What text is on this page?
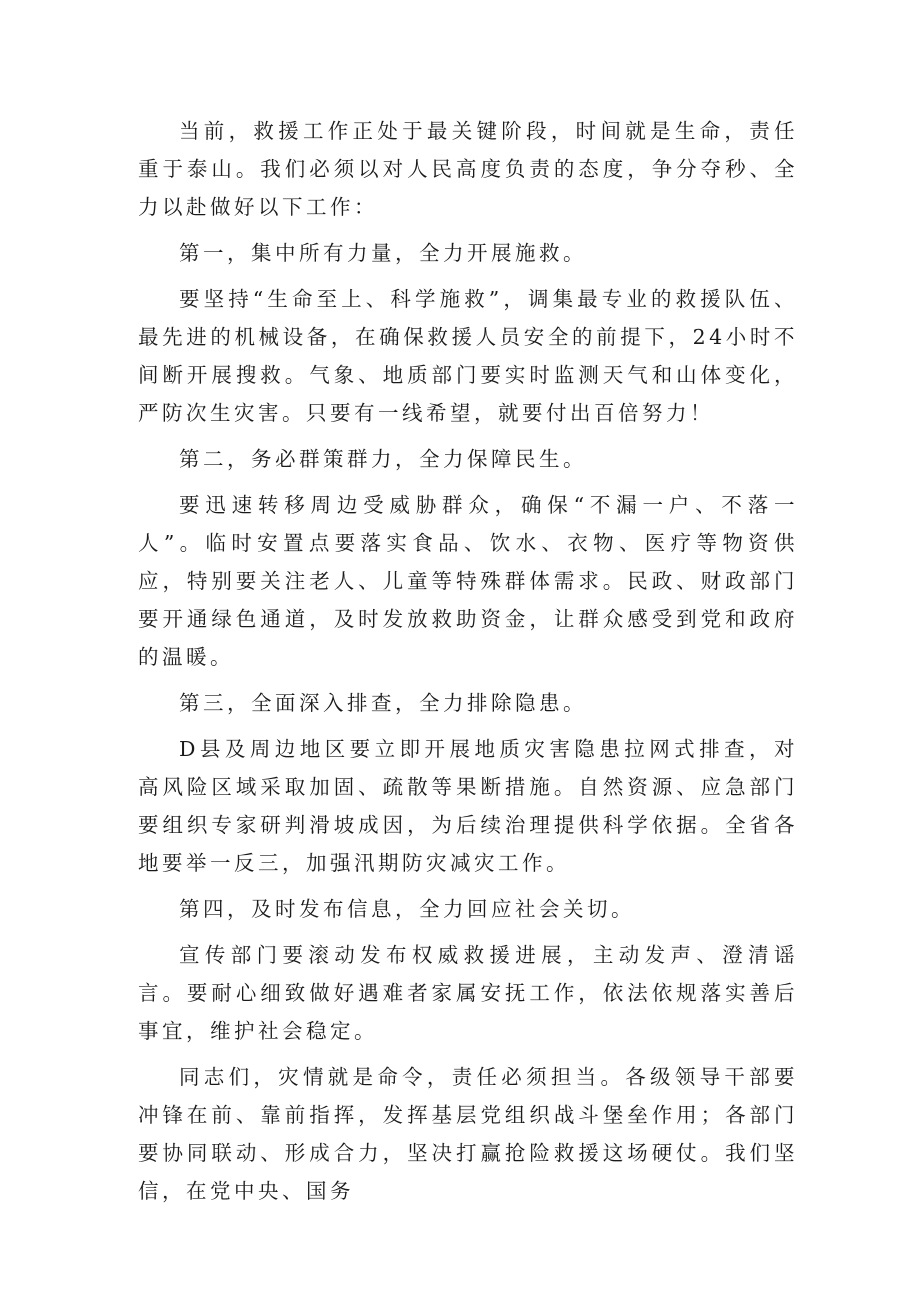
当前，救援工作正处于最关键阶段，时间就是生命，责任重于泰山。我们必须以对人民高度负责的态度，争分夺秒、全力以赴做好以下工作：

第一，集中所有力量，全力开展施救。

要坚持“生命至上、科学施救”，调集最专业的救援队伍、最先进的机械设备，在确保救援人员安全的前提下，24小时不间断开展搜救。气象、地质部门要实时监测天气和山体变化，严防次生灾害。只要有一线希望，就要付出百倍努力！

第二，务必群策群力，全力保障民生。

要迅速转移周边受威胁群众，确保“不漏一户、不落一人”。临时安置点要落实食品、饮水、衣物、医疗等物资供应，特别要关注老人、儿童等特殊群体需求。民政、财政部门要开通绿色通道，及时发放救助资金，让群众感受到党和政府的温暖。

第三，全面深入排查，全力排除隐患。

D县及周边地区要立即开展地质灾害隐患拉网式排查，对高风险区域采取加固、疏散等果断措施。自然资源、应急部门要组织专家研判滑坡成因，为后续治理提供科学依据。全省各地要举一反三，加强汛期防灾减灾工作。

第四，及时发布信息，全力回应社会关切。

宣传部门要滚动发布权威救援进展，主动发声、澄清谣言。要耐心细致做好遇难者家属安抚工作，依法依规落实善后事宜，维护社会稳定。

同志们，灾情就是命令，责任必须担当。各级领导干部要冲锋在前、靠前指挥，发挥基层党组织战斗堡垒作用；各部门要协同联动、形成合力，坚决打赢抢险救援这场硬仗。我们坚信，在党中央、国务
